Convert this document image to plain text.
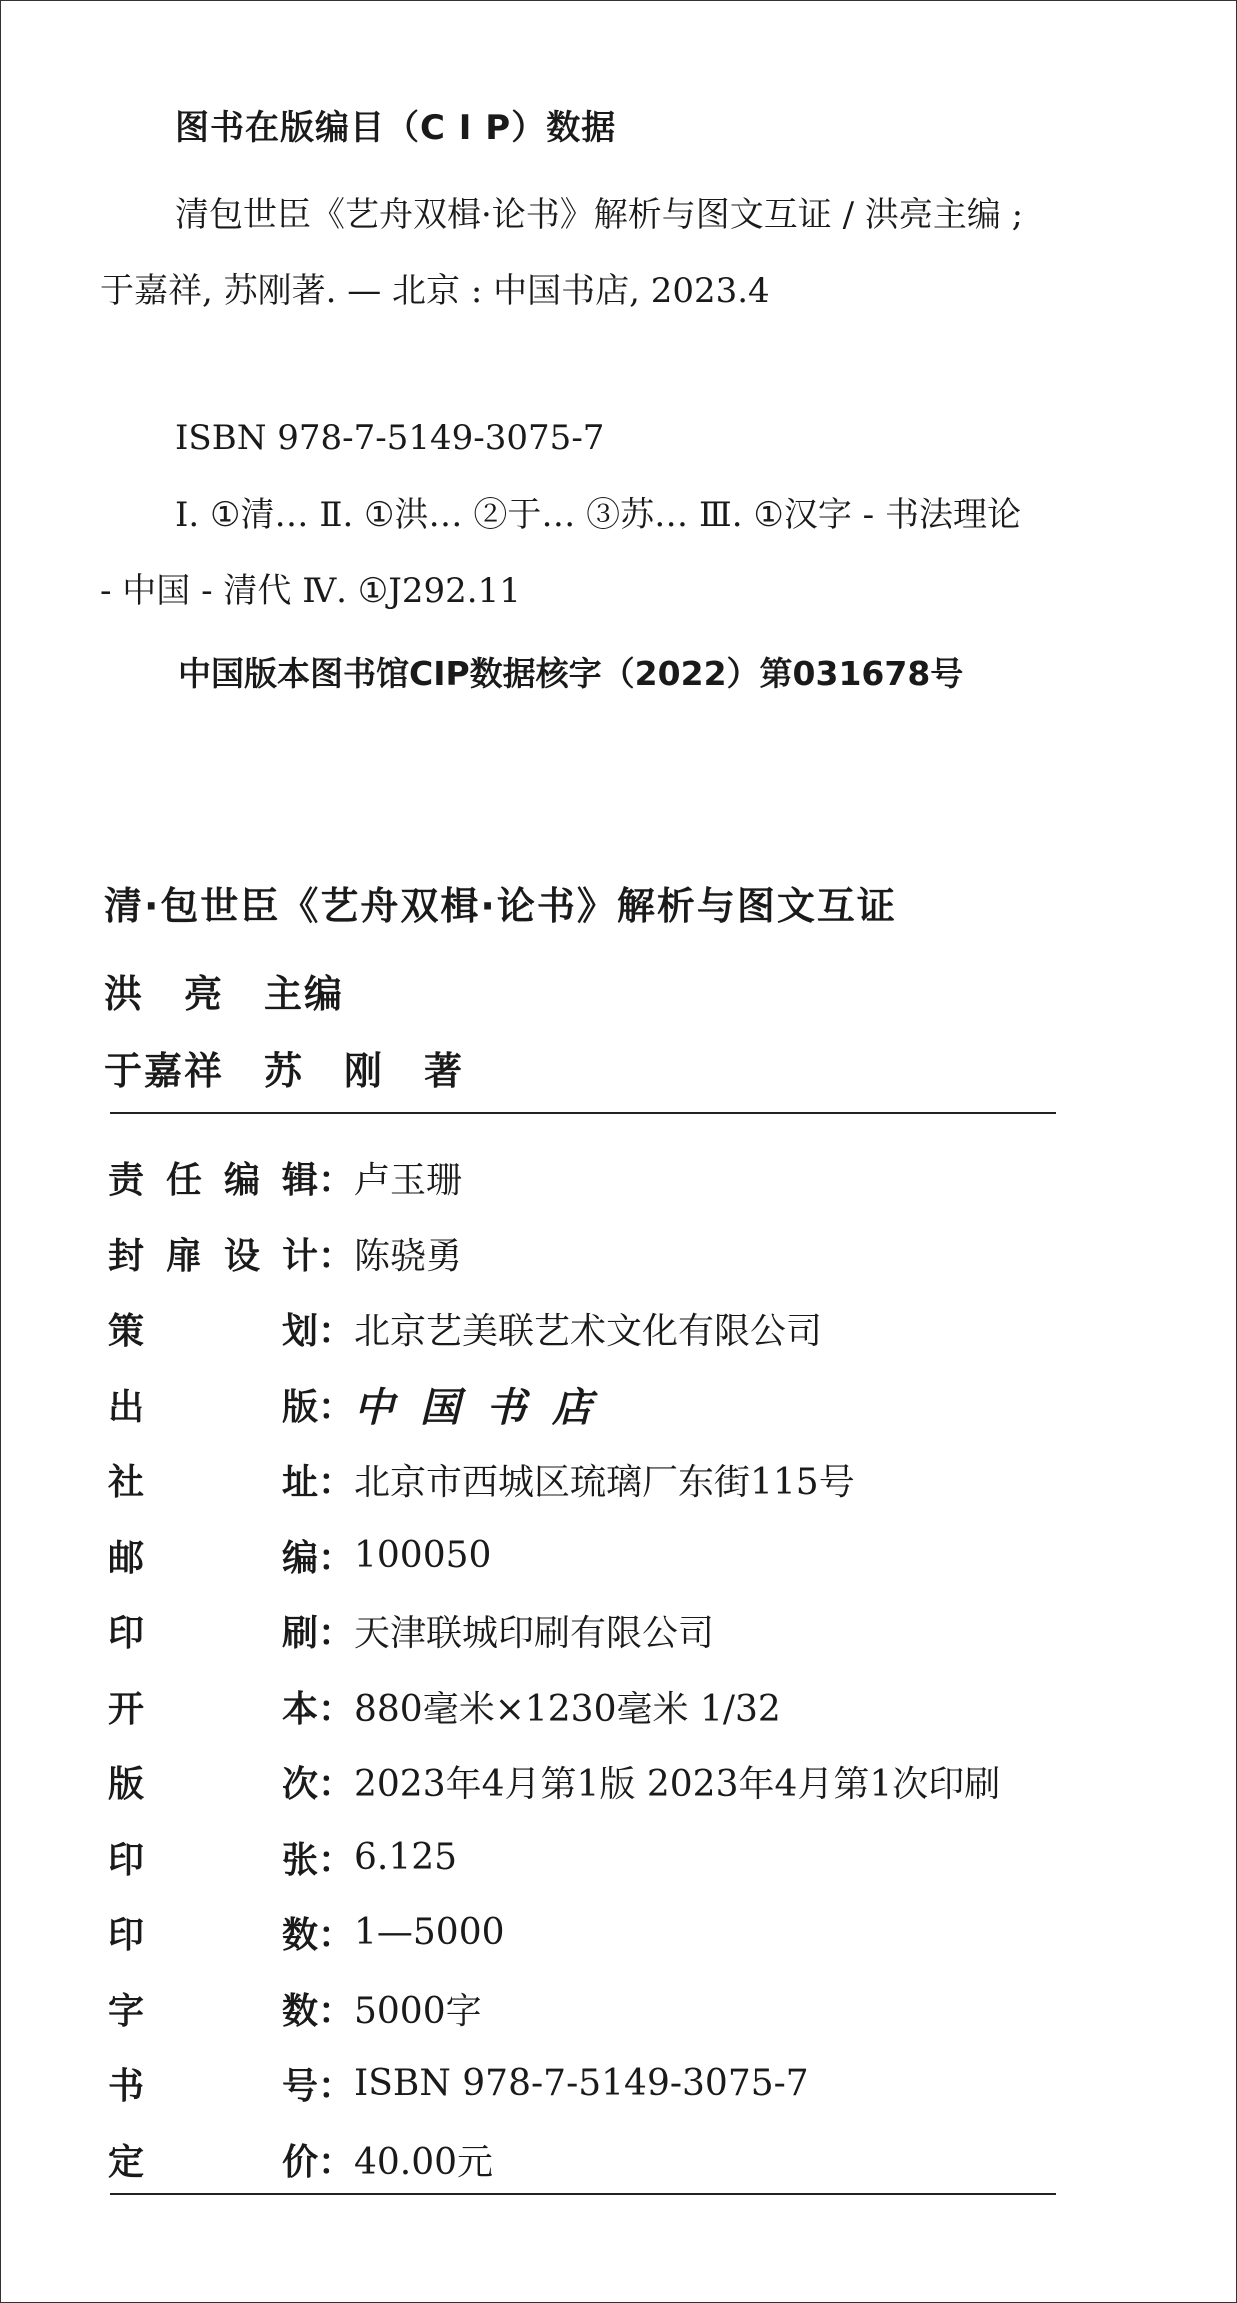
图书在版编目（C I P）数据
清包世臣《艺舟双楫·论书》解析与图文互证 / 洪亮主编 ; 于嘉祥, 苏刚著. — 北京 : 中国书店, 2023.4
ISBN 978-7-5149-3075-7
Ⅰ. ①清… Ⅱ. ①洪… ②于… ③苏… Ⅲ. ①汉字 - 书法理论 - 中国 - 清代 Ⅳ. ①J292.11
中国版本图书馆CIP数据核字（2022）第031678号
清·包世臣《艺舟双楫·论书》解析与图文互证
洪　亮　主编
于嘉祥　苏　刚　著
责 任 编 辑 ： 卢玉珊
封 扉 设 计 ： 陈骁勇
策	划 ： 北京艺美联艺术文化有限公司
出	版 ： 中国书店
社	址 ： 北京市西城区琉璃厂东街115号
邮	编 ： 100050
印	刷 ： 天津联城印刷有限公司
开	本 ： 880毫米×1230毫米 1/32
版	次 ： 2023年4月第1版 2023年4月第1次印刷
印	张 ： 6.125
印	数 ： 1—5000
字	数 ： 5000字
书	号 ： ISBN 978-7-5149-3075-7
定	价 ： 40.00元
